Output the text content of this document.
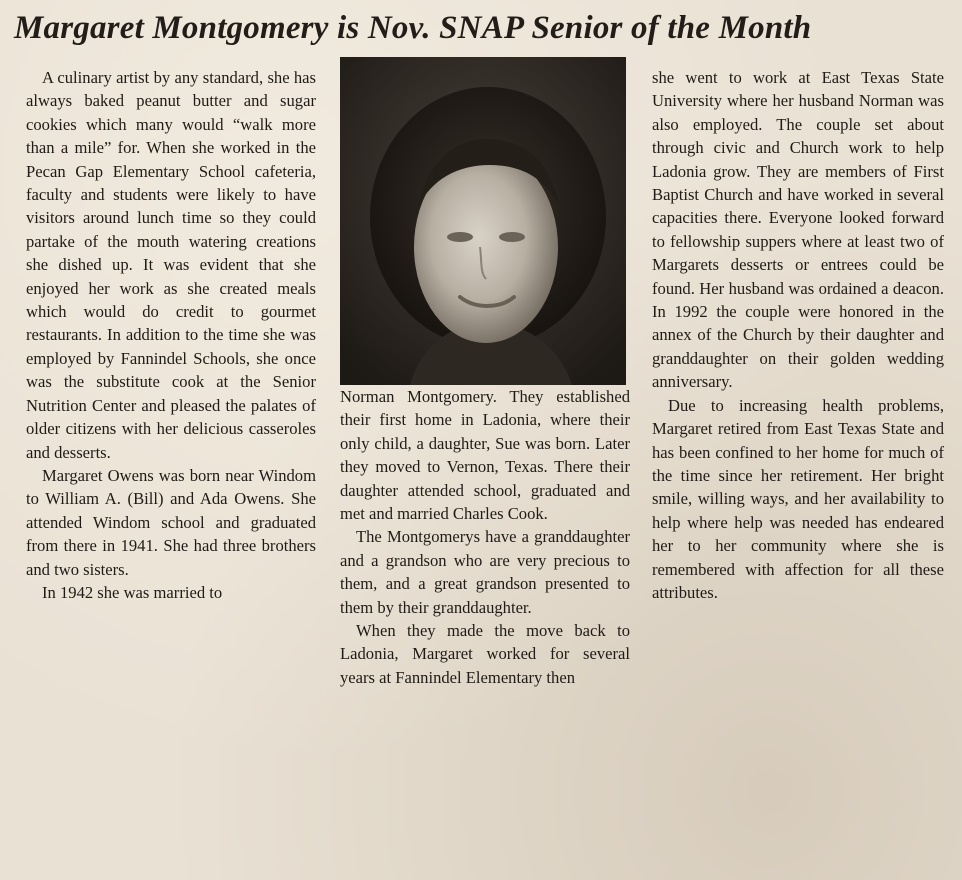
Margaret Montgomery is Nov. SNAP Senior of the Month

A culinary artist by any standard, she has always baked peanut butter and sugar cookies which many would “walk more than a mile” for. When she worked in the Pecan Gap Elementary School cafeteria, faculty and students were likely to have visitors around lunch time so they could partake of the mouth watering creations she dished up. It was evident that she enjoyed her work as she created meals which would do credit to gourmet restaurants. In addition to the time she was employed by Fannindel Schools, she once was the substitute cook at the Senior Nutrition Center and pleased the palates of older citizens with her delicious casseroles and desserts.

Margaret Owens was born near Windom to William A. (Bill) and Ada Owens. She attended Windom school and graduated from there in 1941. She had three brothers and two sisters.

In 1942 she was married to

Norman Montgomery. They established their first home in Ladonia, where their only child, a daughter, Sue was born. Later they moved to Vernon, Texas. There their daughter attended school, graduated and met and married Charles Cook.

The Montgomerys have a granddaughter and a grandson who are very precious to them, and a great grandson presented to them by their granddaughter.

When they made the move back to Ladonia, Margaret worked for several years at Fannindel Elementary then

she went to work at East Texas State University where her husband Norman was also employed. The couple set about through civic and Church work to help Ladonia grow. They are members of First Baptist Church and have worked in several capacities there. Everyone looked forward to fellowship suppers where at least two of Margarets desserts or entrees could be found. Her husband was ordained a deacon. In 1992 the couple were honored in the annex of the Church by their daughter and granddaughter on their golden wedding anniversary.

Due to increasing health problems, Margaret retired from East Texas State and has been confined to her home for much of the time since her retirement. Her bright smile, willing ways, and her availability to help where help was needed has endeared her to her community where she is remembered with affection for all these attributes.
